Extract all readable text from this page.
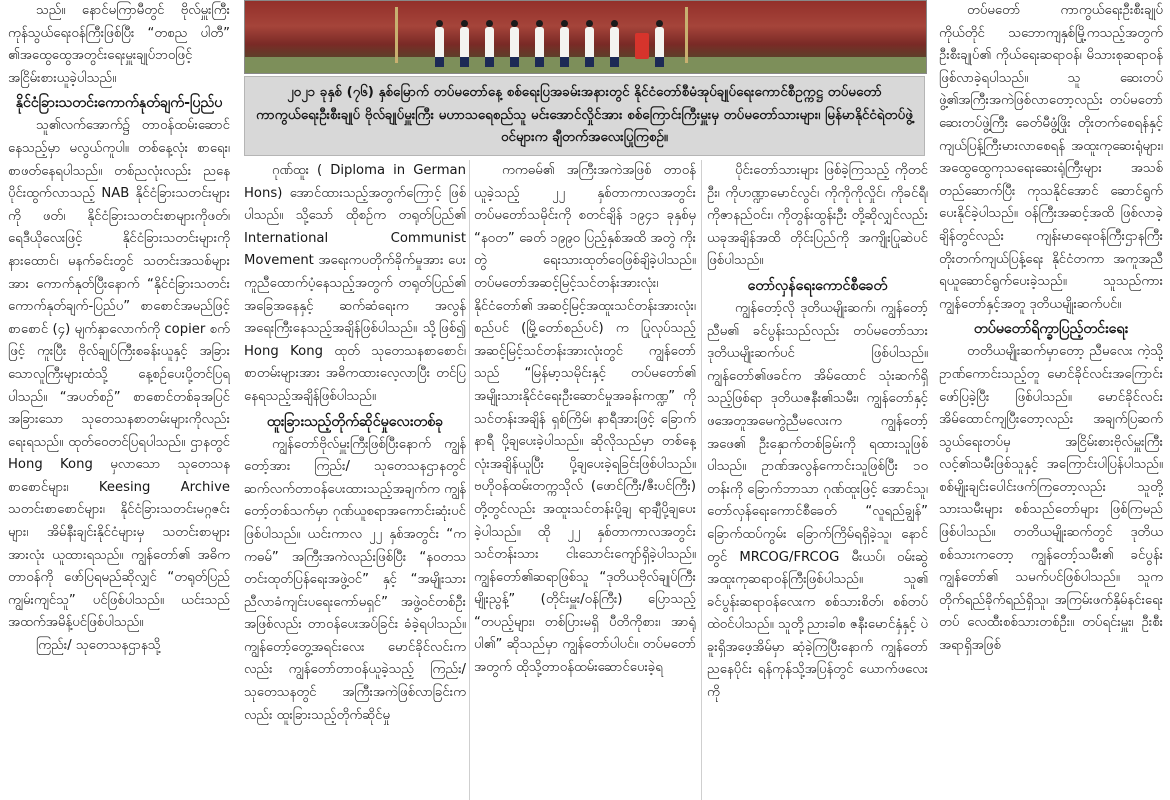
သည်။ နောင်မကြာမီတွင် ဗိုလ်မှူးကြီး ကုန်သွယ်ရေးဝန်ကြီးဖြစ်ပြီး “တစည ပါတီ” ၏အထွေထွေအတွင်းရေးမှူးချုပ်ဘဝဖြင့် အငြိမ်းစားယူခဲ့ပါသည်။

နိုင်ငံခြားသတင်းကောက်နုတ်ချက်-ပြည်ပ

သူ၏လက်အောက်၌ တာဝန်ထမ်းဆောင်နေသည့်မှာ မလွယ်ကူပါ။ တစ်နေ့လုံး စာရေး၊ စာဖတ်နေရပါသည်။ တစ်ညလုံးလည်း ညနေပိုင်းထွက်လာသည့် NAB နိုင်ငံခြားသတင်းများကို ဖတ်၊ နိုင်ငံခြားသတင်းစာများကိုဖတ်၊ ရေဒီယိုလေးဖြင့် နိုင်ငံခြားသတင်းများကို နားထောင်၊ မနက်ခင်းတွင် သတင်းအသစ်များအား ကောက်နုတ်ပြီးနောက် “နိုင်ငံခြားသတင်း ကောက်နုတ်ချက်-ပြည်ပ” စာစောင်အမည်ဖြင့် စာစောင် (၄) မျက်နှာလောက်ကို copier စက်ဖြင့် ကူးပြီး ဗိုလ်ချုပ်ကြီးစခန်းယူနှင့် အခြားသောလူကြီးများထံသို့ နေ့စဉ်ပေးပို့တင်ပြရပါသည်။ “အပတ်စဉ်” စာစောင်တစ်ခုအပြင် အခြားသော သုတေသနစာတမ်းများကိုလည်း ရေးရသည်။ ထုတ်ဝေတင်ပြရပါသည်။ ဌာနတွင် Hong Kong မှလာသော သုတေသနစာစောင်များ၊ Keesing Archive သတင်းစာစောင်များ၊ နိုင်ငံခြားသတင်းမဂ္ဂဇင်းများ၊ အိမ်နီးချင်းနိုင်ငံများမှ သတင်းစာများအားလုံး ယူထားရသည်။ ကျွန်တော်၏ အဓိကတာဝန်ကို ဖော်ပြရမည်ဆိုလျှင် “တရုတ်ပြည်ကျွမ်းကျင်သူ” ပင်ဖြစ်ပါသည်။ ယင်းသည် အထက်အမိန့်ပင်ဖြစ်ပါသည်။

ကြည်း/ သုတေသနဌာနသို့

၂၀၂၁ ခုနှစ် (၇၆) နှစ်မြောက် တပ်မတော်နေ့ စစ်ရေးပြအခမ်းအနားတွင် နိုင်ငံတော်စီမံအုပ်ချုပ်ရေးကောင်စီဥက္ကဋ္ဌ တပ်မတော်ကာကွယ်ရေးဦးစီးချုပ် ဗိုလ်ချုပ်မှူးကြီး မဟာသရေစည်သူ မင်းအောင်လှိုင်အား စစ်ကြောင်းကြီးမှူးမှ တပ်မတော်သားများ၊ မြန်မာနိုင်ငံရဲတပ်ဖွဲ့ဝင်များက ချီတက်အလေးပြုကြစဉ်။

ဂုဏ်ထူး ( Diploma in German Hons) အောင်ထားသည့်အတွက်ကြောင့် ဖြစ်ပါသည်။ သို့သော် ထိုစဉ်က တရုတ်ပြည်၏ International Communist Movement အရေးကပတိုက်ခိုက်မှုအား ပေးကူညီထောက်ပံ့နေသည့်အတွက် တရုတ်ပြည်၏ အခြေအနေနှင့် ဆက်ဆံရေးက အလွန်အရေးကြီးနေသည့်အချိန်ဖြစ်ပါသည်။ သို့ဖြစ်၍ Hong Kong ထုတ် သုတေသနစာစောင်၊ စာတမ်းများအား အဓိကထားလေ့လာပြီး တင်ပြနေရသည့်အချိန်ဖြစ်ပါသည်။

ထူးခြားသည့်တိုက်ဆိုင်မှုလေးတစ်ခု

ကျွန်တော်ဗိုလ်မှူးကြီးဖြစ်ပြီးနောက် ကျွန်တော့်အား ကြည်း/ သုတေသနဌာနတွင် ဆက်လက်တာဝန်ပေးထားသည့်အချက်က ကျွန်တော့်တစ်သက်မှာ ဂုဏ်ယူစရာအကောင်းဆုံးပင် ဖြစ်ပါသည်။ ယင်းကာလ ၂၂ နှစ်အတွင်း “ကကဓမ်” အကြီးအကဲလည်းဖြစ်ပြီး “နဝတသတင်းထုတ်ပြန်ရေးအဖွဲ့ဝင်” နှင့် “အမျိုးသားညီလာခံကျင်းပရေးကော်မရှင်” အဖွဲ့ဝင်တစ်ဦးအဖြစ်လည်း တာဝန်ပေးအပ်ခြင်း ခံခဲ့ရပါသည်။ ကျွန်တော့်တွေ့အရင်းလေး မောင်ခိုင်လင်းကလည်း ကျွန်တော်တာဝန်ယူခဲ့သည့် ကြည်း/သုတေသနတွင် အကြီးအကဲဖြစ်လာခြင်းကလည်း ထူးခြားသည့်တိုက်ဆိုင်မှု

ကကဓမ်၏ အကြီးအကဲအဖြစ် တာဝန်ယူခဲ့သည့် ၂၂ နှစ်တာကာလအတွင်း တပ်မတော်သမိုင်းကို စတင်ချိန် ၁၉၄၁ ခုနှစ်မှ “နဝတ” ခေတ် ၁၉၉၀ ပြည့်နှစ်အထိ အတွဲ ကိုးတွဲ ရေးသားထုတ်ဝေဖြစ်ချိခဲ့ပါသည်။ တပ်မတော်အဆင့်မြင့်သင်တန်းအားလုံး၊ နိုင်ငံတော်၏ အဆင့်မြင့်အထူးသင်တန်းအားလုံး၊ စည်ပင် (မြို့တော်စည်ပင်) က ပြုလုပ်သည့် အဆင့်မြင့်သင်တန်းအားလုံးတွင် ကျွန်တော်သည် “မြန်မာ့သမိုင်းနှင့် တပ်မတော်၏ အမျိုးသားနိုင်ငံရေးဦးဆောင်မှုအခန်းကဏ္ဍ” ကို သင်တန်းအချိန် ရှစ်ကြိမ်၊ နာရီအားဖြင့် ခြောက်နာရီ ပို့ချပေးခဲ့ပါသည်။ ဆိုလိုသည်မှာ တစ်နေ့လုံးအချိန်ယူပြီး ပို့ချပေးခဲ့ရခြင်းဖြစ်ပါသည်။ ဗဟိုဝန်ထမ်းတက္ကသိုလ် (ဖောင်ကြီး/ဇီးပင်ကြီး) တို့တွင်လည်း အထူးသင်တန်းပို့ချ ရာချီပို့ချပေးခဲ့ပါသည်။ ထို ၂၂ နှစ်တာကာလအတွင်း သင်တန်းသား ငါးသောင်းကျော်ရှိခဲ့ပါသည်။ ကျွန်တော်၏ဆရာဖြစ်သူ “ဒုတိယဗိုလ်ချုပ်ကြီးမျိုးညွန့်” (တိုင်းမှူး/ဝန်ကြီး) ပြောသည့် “တပည့်များ၊ တစ်ပြားမရှိ ပီတိကိုစား၊ အာရုံပါ၏” ဆိုသည်မှာ ကျွန်တော်ပါပင်။ တပ်မတော်အတွက် ထိုသို့တာဝန်ထမ်းဆောင်ပေးခဲ့ရ

ပိုင်းတော်သားများ ဖြစ်ခဲ့ကြသည့် ကိုတင်ဦး၊ ကိုဟဏ္ဍာမောင်လွင်၊ ကိုကိုကိုလှိုင်၊ ကိုခင်ရီ၊ ကိုဇာနည်ဝင်း၊ ကိုတွန်းထွန်းဦး တို့ဆိုလျှင်လည်း ယခုအချိန်အထိ တိုင်းပြည်ကို အကျိုးပြုဆဲပင်ဖြစ်ပါသည်။

တော်လှန်ရေးကောင်စီခေတ်

ကျွန်တော့်လို ဒုတိယမျိုးဆက်၊ ကျွန်တော့်ညီမ၏ ခင်ပွန်းသည်လည်း တပ်မတော်သား ဒုတိယမျိုးဆက်ပင် ဖြစ်ပါသည်။ ကျွန်တော်၏ဖခင်က အိမ်ထောင် သုံးဆက်ရှိသည့်ဖြစ်ရာ ဒုတိယဇနီး၏သမီး၊ ကျွန်တော်နှင့် ဖအေတူအမေကွဲညီမလေးက ကျွန်တော့်အဖေ၏ ဦးနှောက်တစ်ခြမ်းကို ရထားသူဖြစ်ပါသည်။ ဥာဏ်အလွန်ကောင်းသူဖြစ်ပြီး ၁၀ တန်းကို ခြောက်ဘာသာ ဂုဏ်ထူးဖြင့် အောင်သူ၊ တော်လှန်ရေးကောင်စီခေတ် “လူရည်ချွန်” ခြောက်ထပ်ကွမ်း ခြောက်ကြိမ်ရရှိခဲ့သူ၊ နောင်တွင် MRCOG/FRCOG မီးယပ်၊ ဝမ်းဆွဲ အထူးကုဆရာဝန်ကြီးဖြစ်ပါသည်။ သူ၏ ခင်ပွန်းဆရာဝန်လေးက စစ်သားစိတ်၊ စစ်တပ်ထဲဝင်ပါသည်။ သူတို့ညားခါစ ဇနီးမောင်နှံနှင့် ပဲခူးရှိအဖေ့အိမ်မှာ ဆုံခဲ့ကြပြီးနောက် ကျွန်တော် ညနေပိုင်း ရန်ကုန်သို့အပြန်တွင် ယောက်ဖလေးကို

တပ်မတော် ကာကွယ်ရေးဦးစီးချုပ် ကိုယ်တိုင် သဘောကျနှစ်မြို့ကသည့်အတွက် ဦးစီးချုပ်၏ ကိုယ်ရေးဆရာဝန်၊ မိသားစုဆရာဝန် ဖြစ်လာခဲ့ရပါသည်။ သူ ဆေးတပ်ဖွဲ့၏အကြီးအကဲဖြစ်လာတော့လည်း တပ်မတော်ဆေးတပ်ဖွဲ့ကြီး ခေတ်မီဖွံ့ဖြိုး တိုးတက်စေရန်နှင့် ကျယ်ပြန့်ကြီးမားလာစေရန် အထူးကုဆေးရုံများ၊ အထွေထွေကုသရေးဆေးရုံကြီးများ အသစ်တည်ဆောက်ပြီး ကုသနိုင်အောင် ဆောင်ရွက်ပေးနိုင်ခဲ့ပါသည်။ ဝန်ကြီးအဆင့်အထိ ဖြစ်လာခဲ့ချိန်တွင်လည်း ကျန်းမာရေးဝန်ကြီးဌာနကြီး တိုးတက်ကျယ်ပြန့်ရေး နိုင်ငံတကာ အကူအညီ ရယူဆောင်ရွက်ပေးခဲ့သည်။ သူသည်ကား ကျွန်တော်နှင့်အတူ ဒုတိယမျိုးဆက်ပင်။

တပ်မတော်ရိက္ခာပြည့်တင်းရေး

တတိယမျိုးဆက်မှာတော့ ညီမလေး ကဲ့သို့ ဥာဏ်ကောင်းသည့်တူ မောင်ခိုင်လင်းအကြောင်း ဖော်ပြခဲ့ပြီး ဖြစ်ပါသည်။ မောင်ခိုင်လင်း အိမ်ထောင်ကျပြီးတော့လည်း အချက်ပြဆက်သွယ်ရေးတပ်မှ အငြိမ်းစားဗိုလ်မှူးကြီးလင့်၏သမီးဖြစ်သူနှင့် အကြောင်းပါပြန်ပါသည်။ စစ်မျိုးချင်းပေါင်းဖက်ကြတော့လည်း သူတို့သားသမီးများ စစ်သည်တော်များ ဖြစ်ကြမည်ဖြစ်ပါသည်။ တတိယမျိုးဆက်တွင် ဒုတိယစစ်သားကတော့ ကျွန်တော့်သမီး၏ ခင်ပွန်းကျွန်တော်၏ သမက်ပင်ဖြစ်ပါသည်။ သူက တိုက်ရည်ခိုက်ရည်ရှိသူ၊ အကြမ်းဖက်နှိမ်နင်းရေးတပ် လေထီးစစ်သားတစ်ဦး။ တပ်ရင်းမှူး၊ ဦးစီးအရာရှိအဖြစ်
